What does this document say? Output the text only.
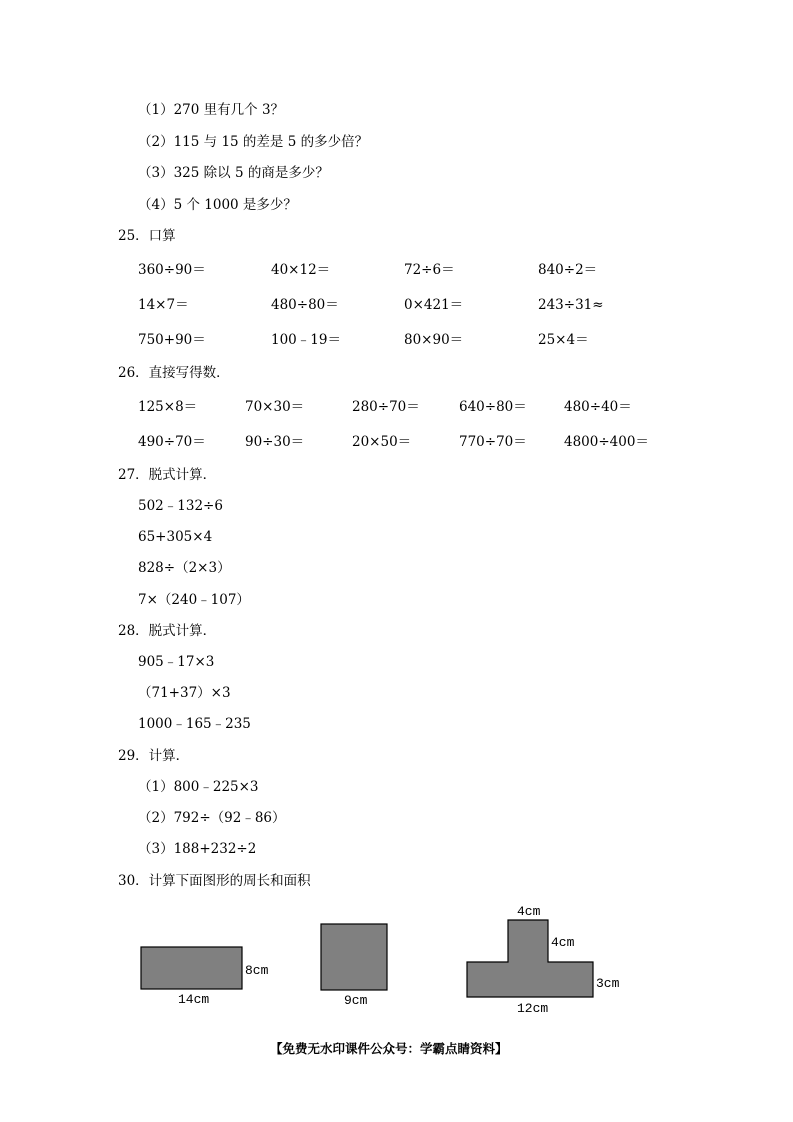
（1）270 里有几个 3？
（2）115 与 15 的差是 5 的多少倍？
（3）325 除以 5 的商是多少？
（4）5 个 1000 是多少？
25．口算
360÷90＝	40×12＝	72÷6＝	840÷2＝
14×7＝	480÷80＝	0×421＝	243÷31≈
750+90＝	100﹣19＝	80×90＝	25×4＝
26．直接写得数．
125×8＝	70×30＝	280÷70＝	640÷80＝	480÷40＝
490÷70＝	90÷30＝	20×50＝	770÷70＝	4800÷400＝
27．脱式计算．
502﹣132÷6
65+305×4
828÷（2×3）
7×（240﹣107）
28．脱式计算．
905﹣17×3
（71+37）×3
1000﹣165﹣235
29．计算．
（1）800﹣225×3
（2）792÷（92﹣86）
（3）188+232÷2
30．计算下面图形的周长和面积
8cm
14cm	9cm
4cm
4cm
3cm
12cm
【免费无水印课件公众号：学霸点睛资料】
